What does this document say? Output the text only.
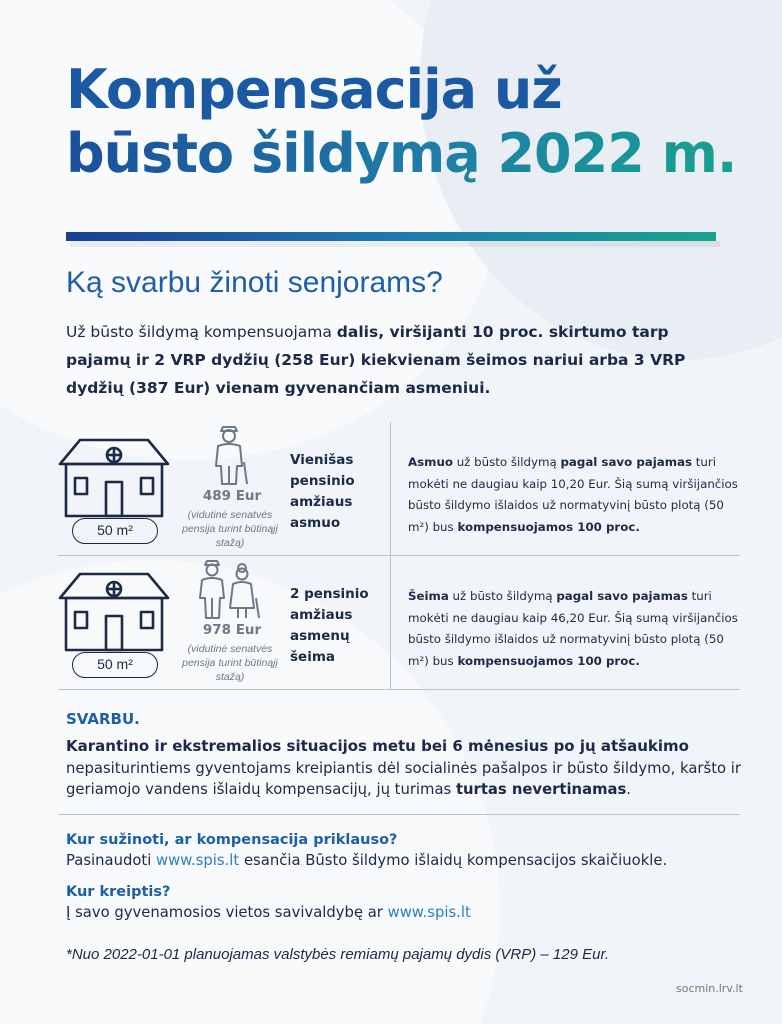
Kompensacija už
būsto šildymą 2022 m.
Ką svarbu žinoti senjorams?

Už būsto šildymą kompensuojama dalis, viršijanti 10 proc. skirtumo tarp pajamų ir 2 VRP dydžių (258 Eur) kiekvienam šeimos nariui arba 3 VRP dydžių (387 Eur) vienam gyvenančiam asmeniui.

50 m²
489 Eur
(vidutinė senatvės pensija turint būtinąjį stažą)
Vienišas pensinio amžiaus asmuo

Asmuo už būsto šildymą pagal savo pajamas turi mokėti ne daugiau kaip 10,20 Eur. Šią sumą viršijančios būsto šildymo išlaidos už normatyvinį būsto plotą (50 m²) bus kompensuojamos 100 proc.

50 m²
978 Eur
(vidutinė senatvės pensija turint būtinąjį stažą)
2 pensinio amžiaus asmenų šeima

Šeima už būsto šildymą pagal savo pajamas turi mokėti ne daugiau kaip 46,20 Eur. Šią sumą viršijančios būsto šildymo išlaidos už normatyvinį būsto plotą (50 m²) bus kompensuojamos 100 proc.

SVARBU.
Karantino ir ekstremalios situacijos metu bei 6 mėnesius po jų atšaukimo

nepasiturintiems gyventojams kreipiantis dėl socialinės pašalpos ir būsto šildymo, karšto ir geriamojo vandens išlaidų kompensacijų, jų turimas turtas nevertinamas.

Kur sužinoti, ar kompensacija priklauso?
Pasinaudoti www.spis.lt esančia Būsto šildymo išlaidų kompensacijos skaičiuokle.
Kur kreiptis?
Į savo gyvenamosios vietos savivaldybę ar www.spis.lt
*Nuo 2022-01-01 planuojamas valstybės remiamų pajamų dydis (VRP) – 129 Eur.
socmin.lrv.lt
